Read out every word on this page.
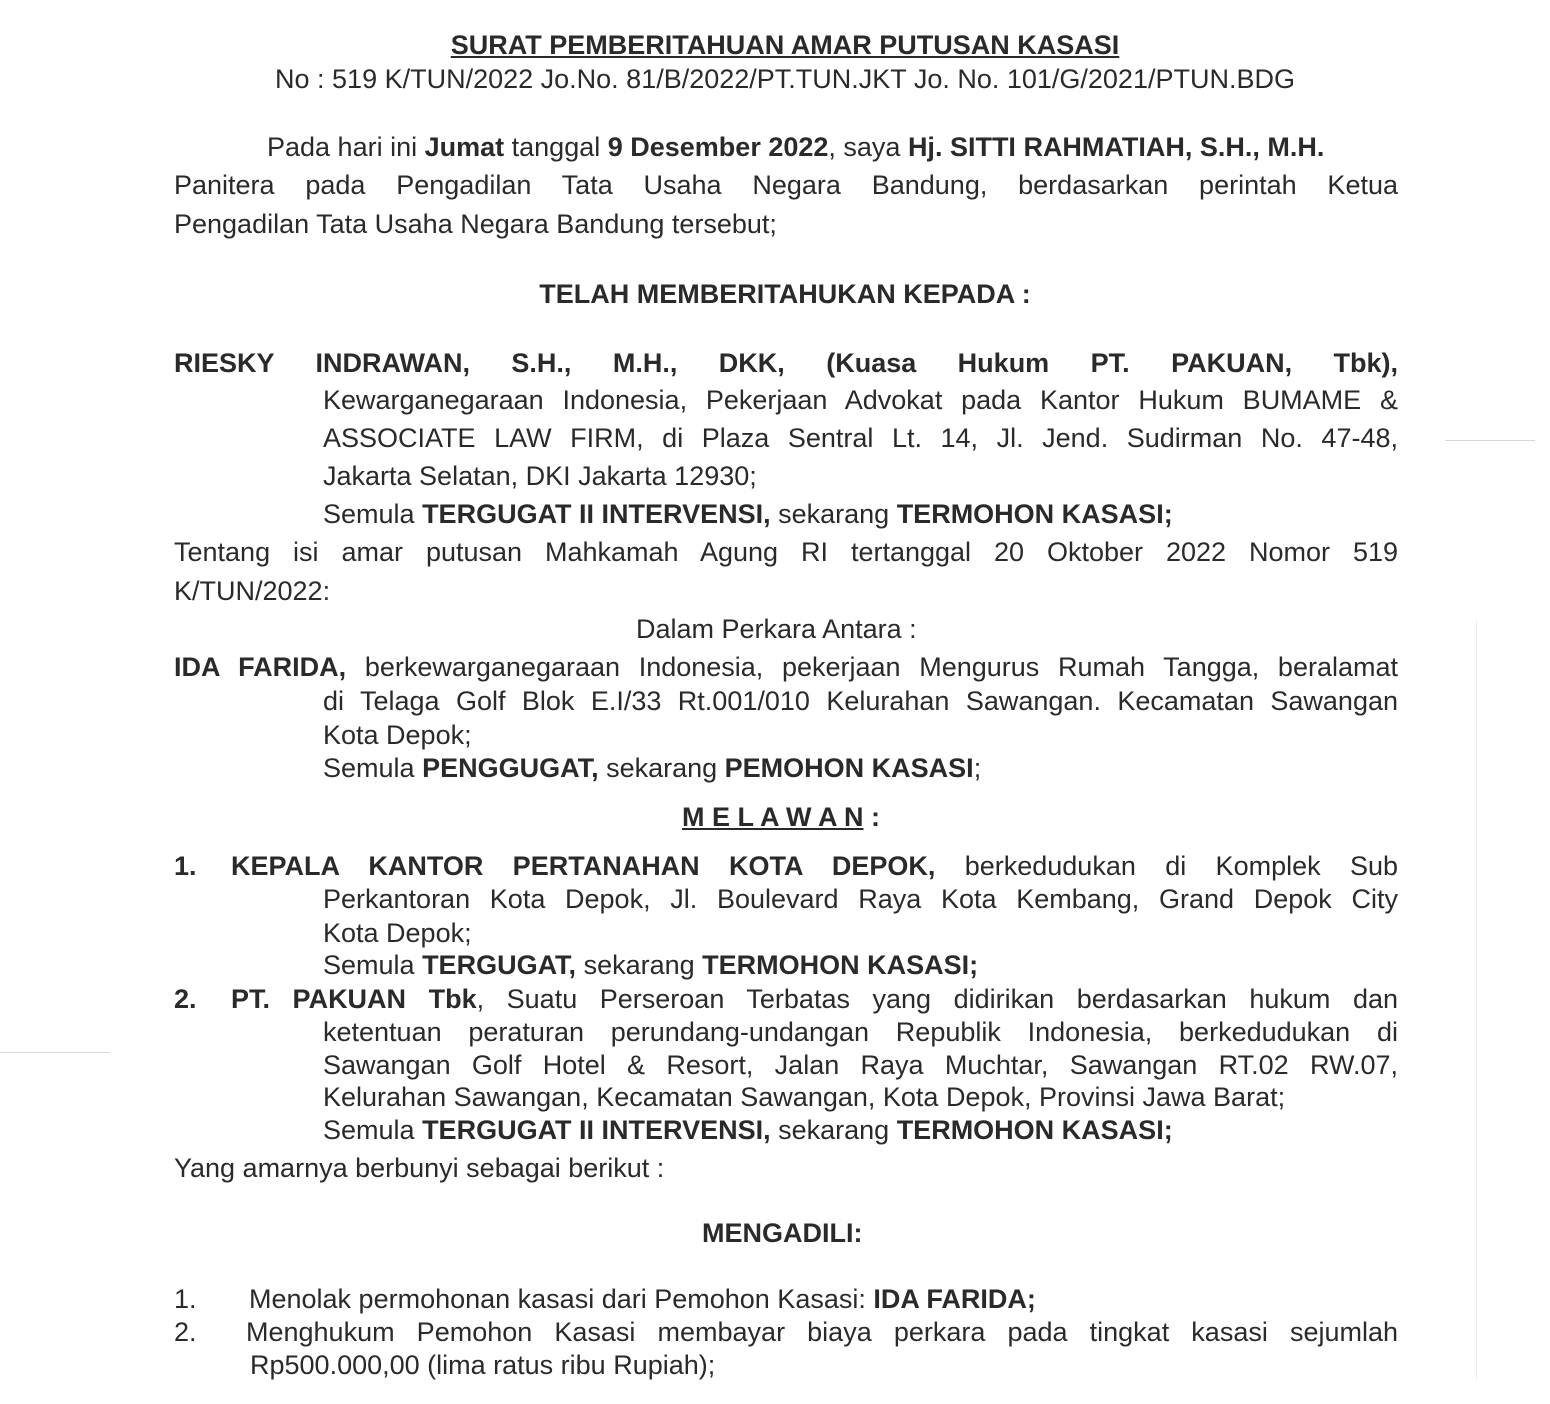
SURAT PEMBERITAHUAN AMAR PUTUSAN KASASI
No : 519 K/TUN/2022 Jo.No. 81/B/2022/PT.TUN.JKT Jo. No. 101/G/2021/PTUN.BDG
Pada hari ini Jumat tanggal 9 Desember 2022, saya Hj. SITTI RAHMATIAH, S.H., M.H.
Panitera pada Pengadilan Tata Usaha Negara Bandung, berdasarkan perintah Ketua
Pengadilan Tata Usaha Negara Bandung tersebut;
TELAH MEMBERITAHUKAN KEPADA :
RIESKY INDRAWAN, S.H., M.H., DKK, (Kuasa Hukum PT. PAKUAN, Tbk),
Kewarganegaraan Indonesia, Pekerjaan Advokat pada Kantor Hukum BUMAME &
ASSOCIATE LAW FIRM, di Plaza Sentral Lt. 14, Jl. Jend. Sudirman No. 47-48,
Jakarta Selatan, DKI Jakarta 12930;
Semula TERGUGAT II INTERVENSI, sekarang TERMOHON KASASI;
Tentang isi amar putusan Mahkamah Agung RI tertanggal 20 Oktober 2022 Nomor 519
K/TUN/2022:
Dalam Perkara Antara :
IDA FARIDA, berkewarganegaraan Indonesia, pekerjaan Mengurus Rumah Tangga, beralamat
di Telaga Golf Blok E.I/33 Rt.001/010 Kelurahan Sawangan. Kecamatan Sawangan
Kota Depok;
Semula PENGGUGAT, sekarang PEMOHON KASASI;
M E L A W A N :
1. KEPALA KANTOR PERTANAHAN KOTA DEPOK, berkedudukan di Komplek Sub
Perkantoran Kota Depok, Jl. Boulevard Raya Kota Kembang, Grand Depok City
Kota Depok;
Semula TERGUGAT, sekarang TERMOHON KASASI;
2. PT. PAKUAN Tbk, Suatu Perseroan Terbatas yang didirikan berdasarkan hukum dan
ketentuan peraturan perundang-undangan Republik Indonesia, berkedudukan di
Sawangan Golf Hotel & Resort, Jalan Raya Muchtar, Sawangan RT.02 RW.07,
Kelurahan Sawangan, Kecamatan Sawangan, Kota Depok, Provinsi Jawa Barat;
Semula TERGUGAT II INTERVENSI, sekarang TERMOHON KASASI;
Yang amarnya berbunyi sebagai berikut :
MENGADILI:
1. Menolak permohonan kasasi dari Pemohon Kasasi: IDA FARIDA;
2. Menghukum Pemohon Kasasi membayar biaya perkara pada tingkat kasasi sejumlah
Rp500.000,00 (lima ratus ribu Rupiah);
